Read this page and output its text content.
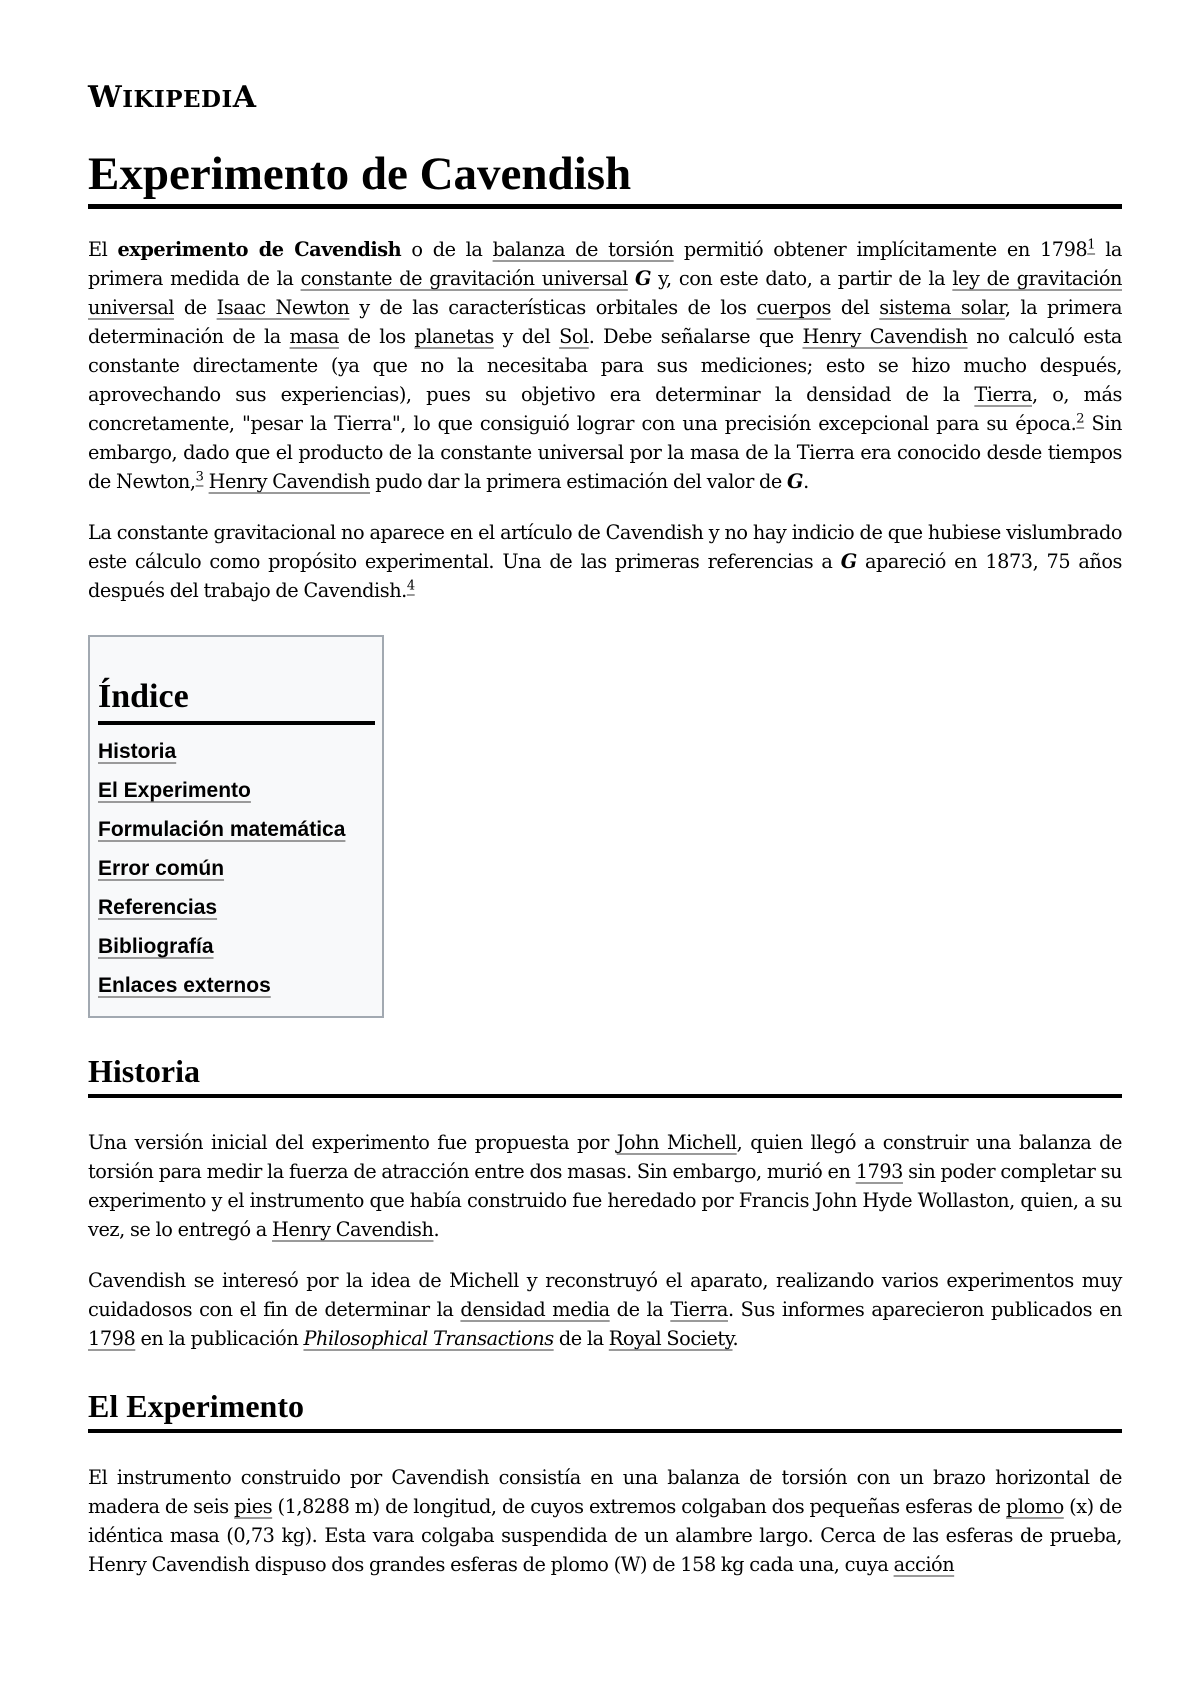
WIKIPEDIA
Experimento de Cavendish

El experimento de Cavendish o de la balanza de torsión permitió obtener implícitamente en 1798$^1$ la primera medida de la constante de gravitación universal G y, con este dato, a partir de la ley de gravitación universal de Isaac Newton y de las características orbitales de los cuerpos del sistema solar, la primera determinación de la masa de los planetas y del Sol. Debe señalarse que Henry Cavendish no calculó esta constante directamente (ya que no la necesitaba para sus mediciones; esto se hizo mucho después, aprovechando sus experiencias), pues su objetivo era determinar la densidad de la Tierra, o, más concretamente, "pesar la Tierra", lo que consiguió lograr con una precisión excepcional para su época.$^2$ Sin embargo, dado que el producto de la constante universal por la masa de la Tierra era conocido desde tiempos de Newton,$^3$ Henry Cavendish pudo dar la primera estimación del valor de G.

La constante gravitacional no aparece en el artículo de Cavendish y no hay indicio de que hubiese vislumbrado este cálculo como propósito experimental. Una de las primeras referencias a G apareció en 1873, 75 años después del trabajo de Cavendish.$^4$

Índice
Historia
El Experimento
Formulación matemática
Error común
Referencias
Bibliografía
Enlaces externos
Historia

Una versión inicial del experimento fue propuesta por John Michell, quien llegó a construir una balanza de torsión para medir la fuerza de atracción entre dos masas. Sin embargo, murió en 1793 sin poder completar su experimento y el instrumento que había construido fue heredado por Francis John Hyde Wollaston, quien, a su vez, se lo entregó a Henry Cavendish.

Cavendish se interesó por la idea de Michell y reconstruyó el aparato, realizando varios experimentos muy cuidadosos con el fin de determinar la densidad media de la Tierra. Sus informes aparecieron publicados en 1798 en la publicación Philosophical Transactions de la Royal Society.

El Experimento

El instrumento construido por Cavendish consistía en una balanza de torsión con un brazo horizontal de madera de seis pies (1,8288 m) de longitud, de cuyos extremos colgaban dos pequeñas esferas de plomo (x) de idéntica masa (0,73 kg). Esta vara colgaba suspendida de un alambre largo. Cerca de las esferas de prueba, Henry Cavendish dispuso dos grandes esferas de plomo (W) de 158 kg cada una, cuya acción
